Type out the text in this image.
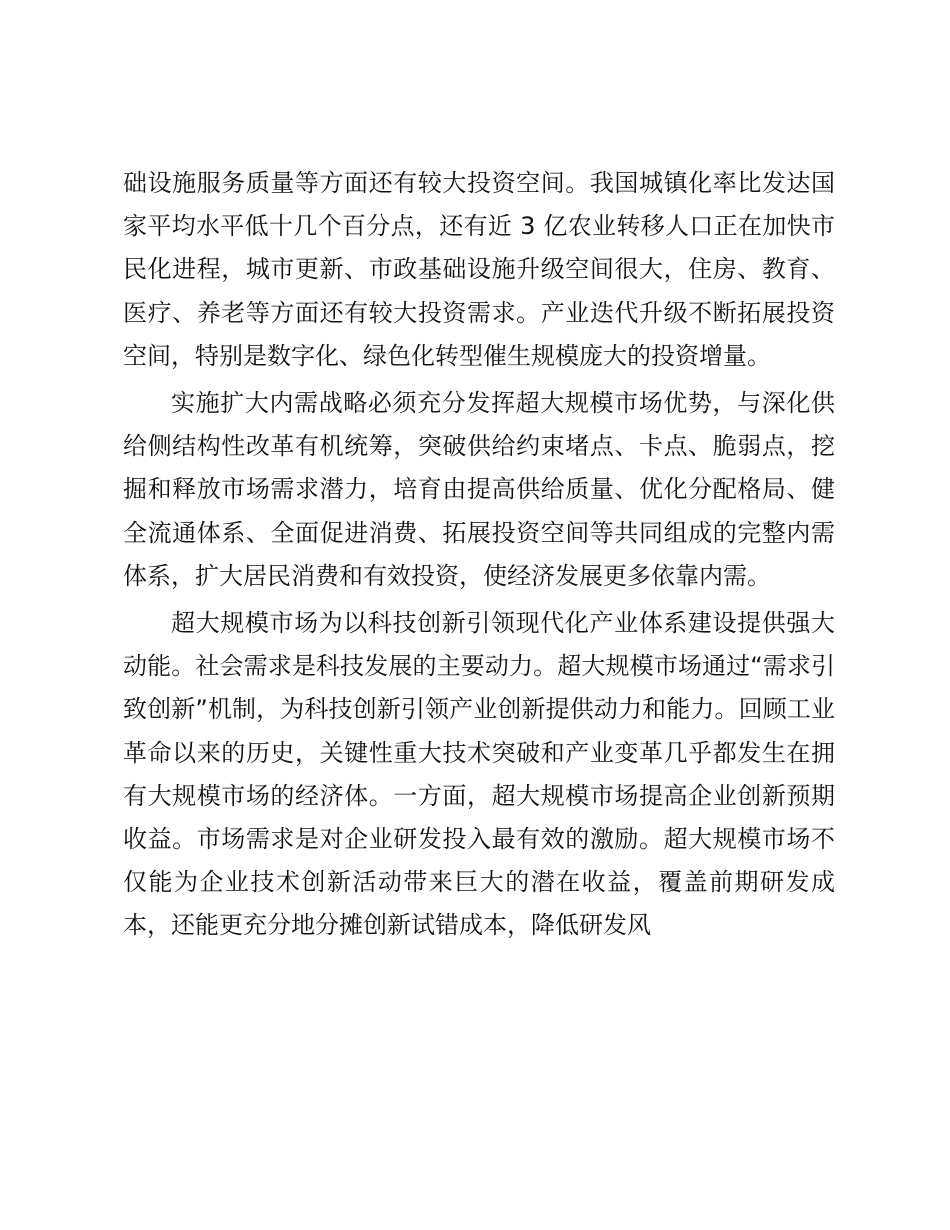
础设施服务质量等方面还有较大投资空间。我国城镇化率比发达国家平均水平低十几个百分点，还有近 3 亿农业转移人口正在加快市民化进程，城市更新、市政基础设施升级空间很大，住房、教育、医疗、养老等方面还有较大投资需求。产业迭代升级不断拓展投资空间，特别是数字化、绿色化转型催生规模庞大的投资增量。

实施扩大内需战略必须充分发挥超大规模市场优势，与深化供给侧结构性改革有机统筹，突破供给约束堵点、卡点、脆弱点，挖掘和释放市场需求潜力，培育由提高供给质量、优化分配格局、健全流通体系、全面促进消费、拓展投资空间等共同组成的完整内需体系，扩大居民消费和有效投资，使经济发展更多依靠内需。

超大规模市场为以科技创新引领现代化产业体系建设提供强大动能。社会需求是科技发展的主要动力。超大规模市场通过“需求引致创新”机制，为科技创新引领产业创新提供动力和能力。回顾工业革命以来的历史，关键性重大技术突破和产业变革几乎都发生在拥有大规模市场的经济体。一方面，超大规模市场提高企业创新预期收益。市场需求是对企业研发投入最有效的激励。超大规模市场不仅能为企业技术创新活动带来巨大的潜在收益，覆盖前期研发成本，还能更充分地分摊创新试错成本，降低研发风
